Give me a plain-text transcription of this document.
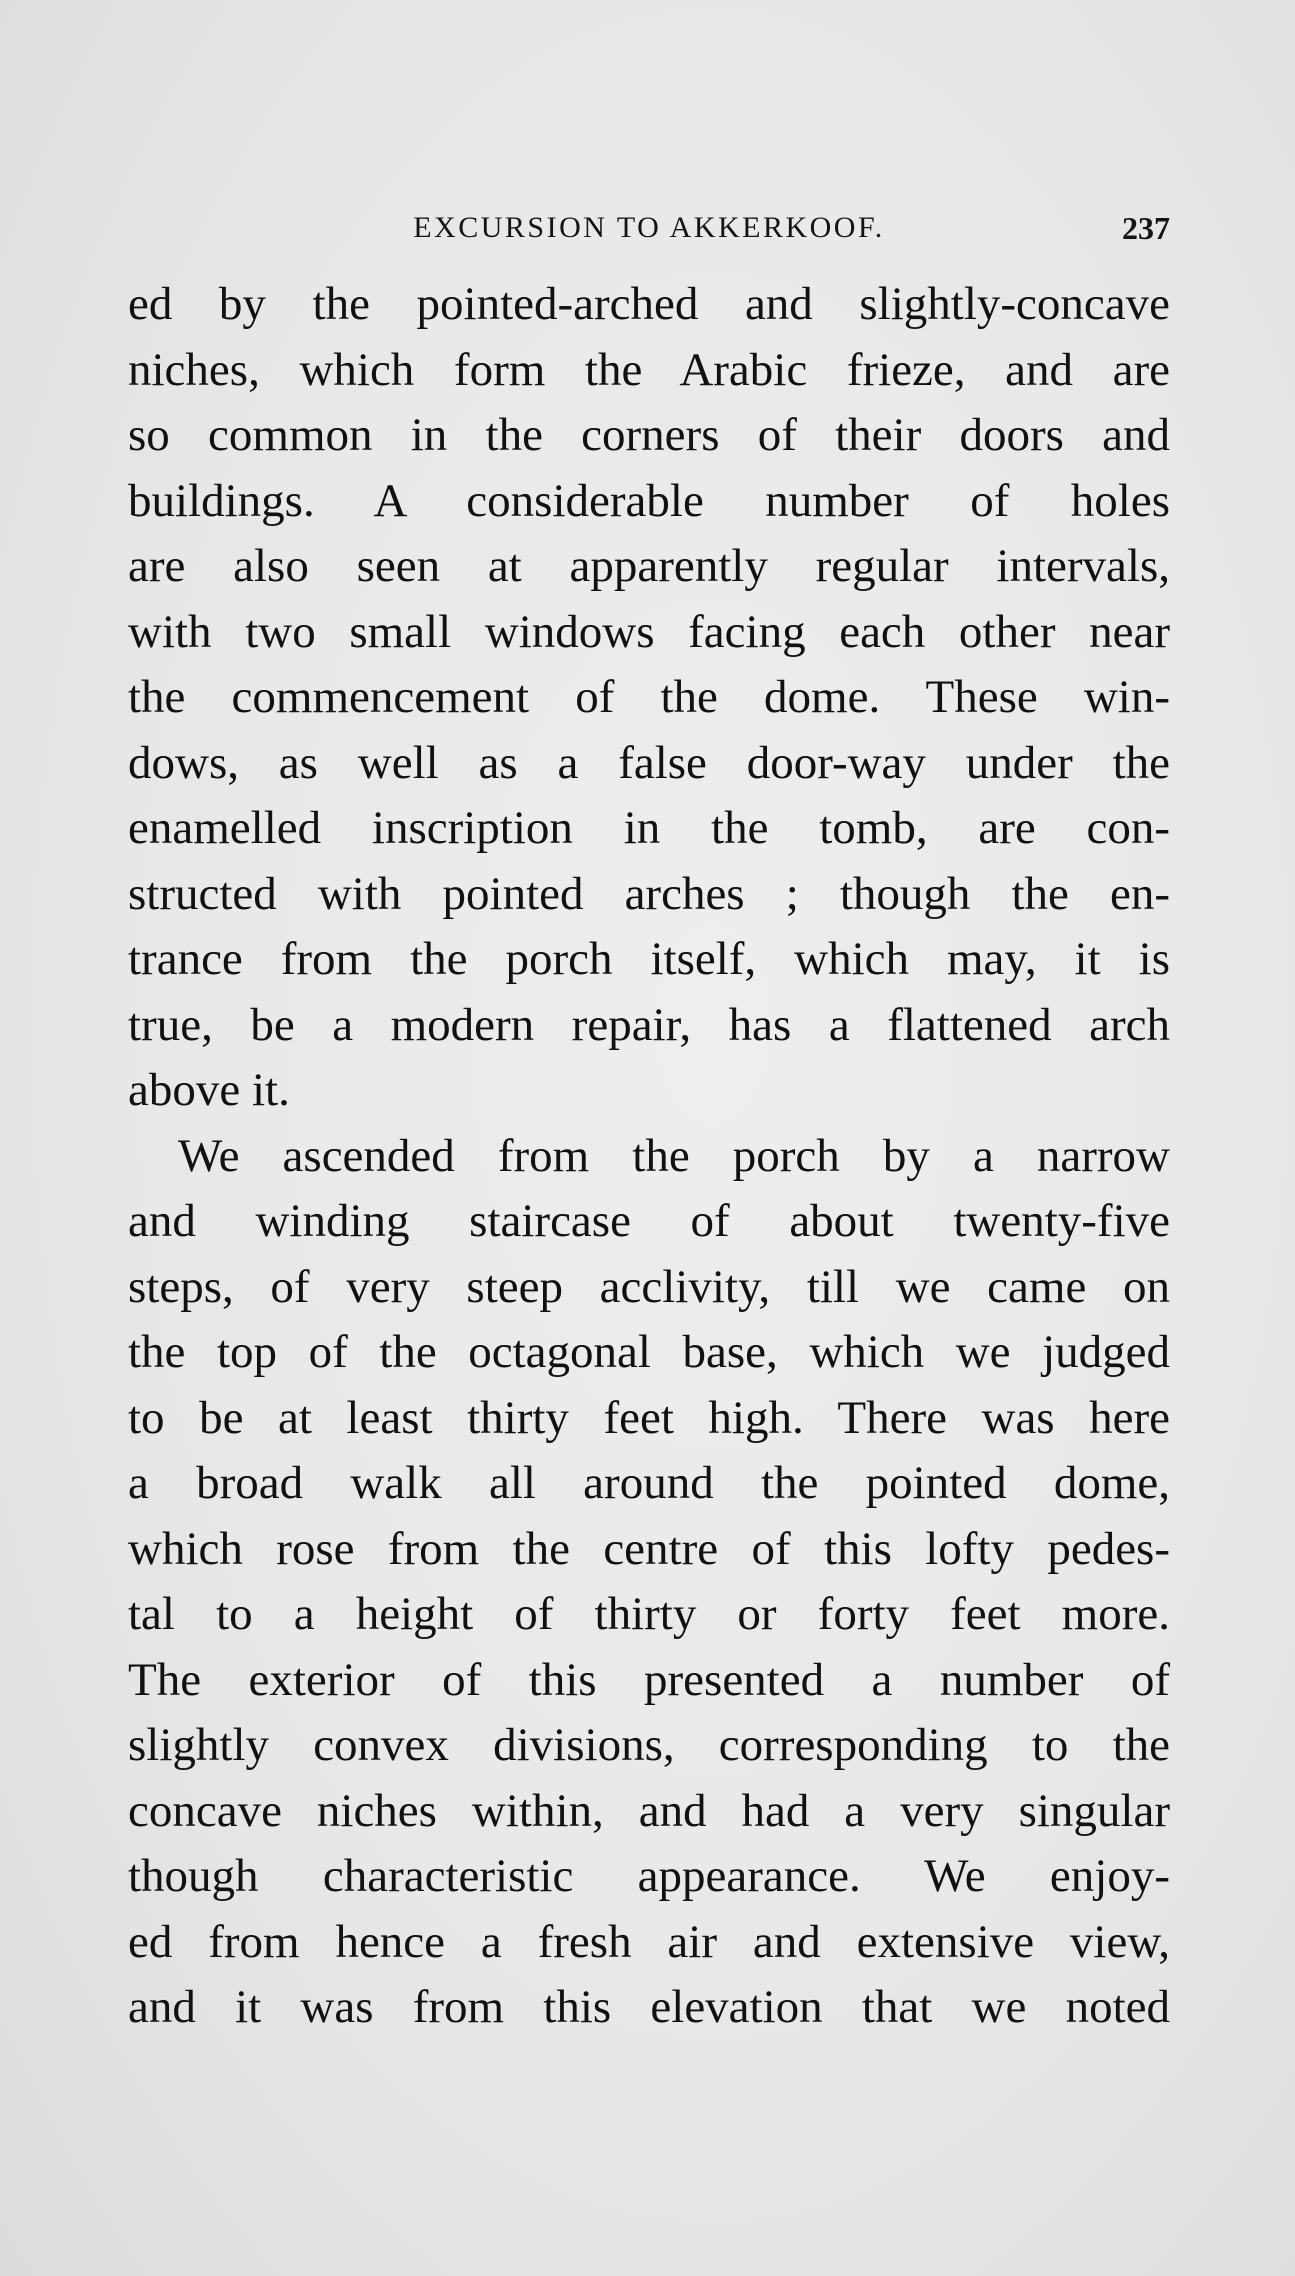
EXCURSION TO AKKERKOOF.	237
ed by the pointed-arched and slightly-concave
niches, which form the Arabic frieze, and are
so common in the corners of their doors and
buildings. A considerable number of holes
are also seen at apparently regular intervals,
with two small windows facing each other near
the commencement of the dome. These win-
dows, as well as a false door-way under the
enamelled inscription in the tomb, are con-
structed with pointed arches ; though the en-
trance from the porch itself, which may, it is
true, be a modern repair, has a flattened arch
above it.
We ascended from the porch by a narrow
and winding staircase of about twenty-five
steps, of very steep acclivity, till we came on
the top of the octagonal base, which we judged
to be at least thirty feet high. There was here
a broad walk all around the pointed dome,
which rose from the centre of this lofty pedes-
tal to a height of thirty or forty feet more.
The exterior of this presented a number of
slightly convex divisions, corresponding to the
concave niches within, and had a very singular
though characteristic appearance. We enjoy-
ed from hence a fresh air and extensive view,
and it was from this elevation that we noted
